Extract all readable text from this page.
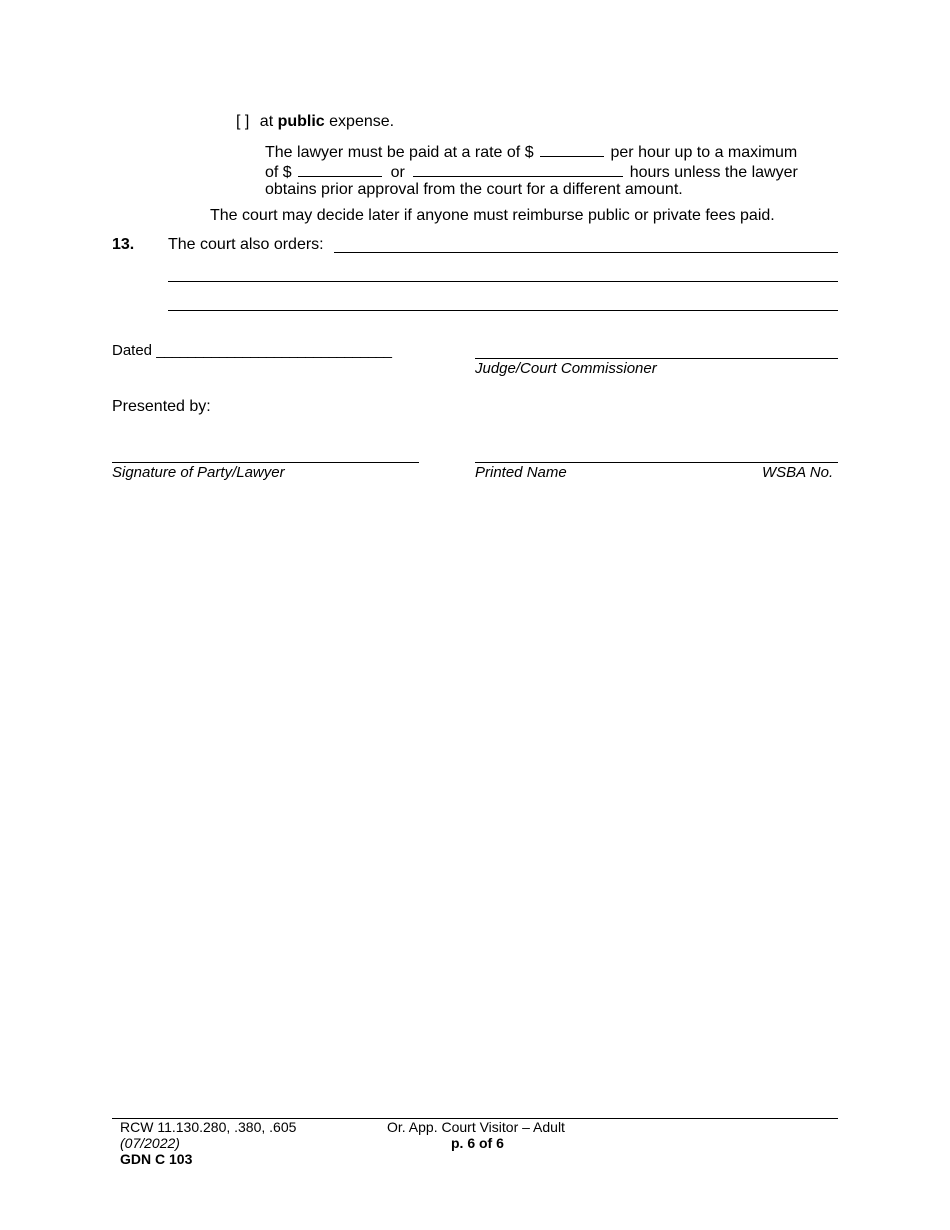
[ ] at public expense.
The lawyer must be paid at a rate of $	per hour up to a maximum
of $	or	hours unless the lawyer
obtains prior approval from the court for a different amount.
The court may decide later if anyone must reimburse public or private fees paid.
13. The court also orders:
Dated ______________________________
Judge/Court Commissioner
Presented by:
Signature of Party/Lawyer	Printed Name	WSBA No.
RCW 11.130.280, .380, .605
(07/2022)
GDN C 103
Or. App. Court Visitor – Adult
p. 6 of 6
